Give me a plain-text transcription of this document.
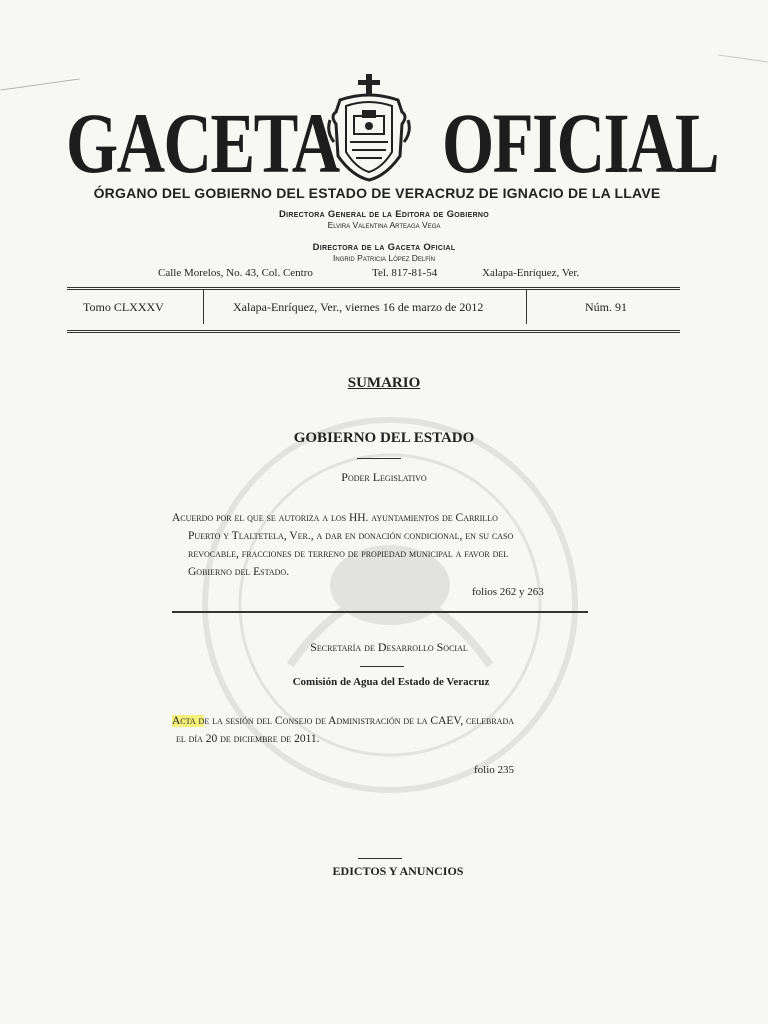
GACETA OFICIAL
ÓRGANO DEL GOBIERNO DEL ESTADO DE VERACRUZ DE IGNACIO DE LA LLAVE
Directora General de la Editora de Gobierno
Elvira Valentina Arteaga Vega
Directora de la Gaceta Oficial
Ingrid Patricia López Delfín
Calle Morelos, No. 43, Col. Centro	Tel. 817-81-54	Xalapa-Enríquez, Ver.
Tomo CLXXXV	Xalapa-Enríquez, Ver., viernes 16 de marzo de 2012	Núm. 91
SUMARIO
GOBIERNO DEL ESTADO
Poder Legislativo
Acuerdo por el que se autoriza a los HH. ayuntamientos de Carrillo
Puerto y Tlaltetela, Ver., a dar en donación condicional, en su caso
revocable, fracciones de terreno de propiedad municipal a favor del
Gobierno del Estado.
folios 262 y 263
Secretaría de Desarrollo Social
Comisión de Agua del Estado de Veracruz
Acta de la sesión del Consejo de Administración de la CAEV, celebrada
el día 20 de diciembre de 2011.
folio 235
EDICTOS Y ANUNCIOS
